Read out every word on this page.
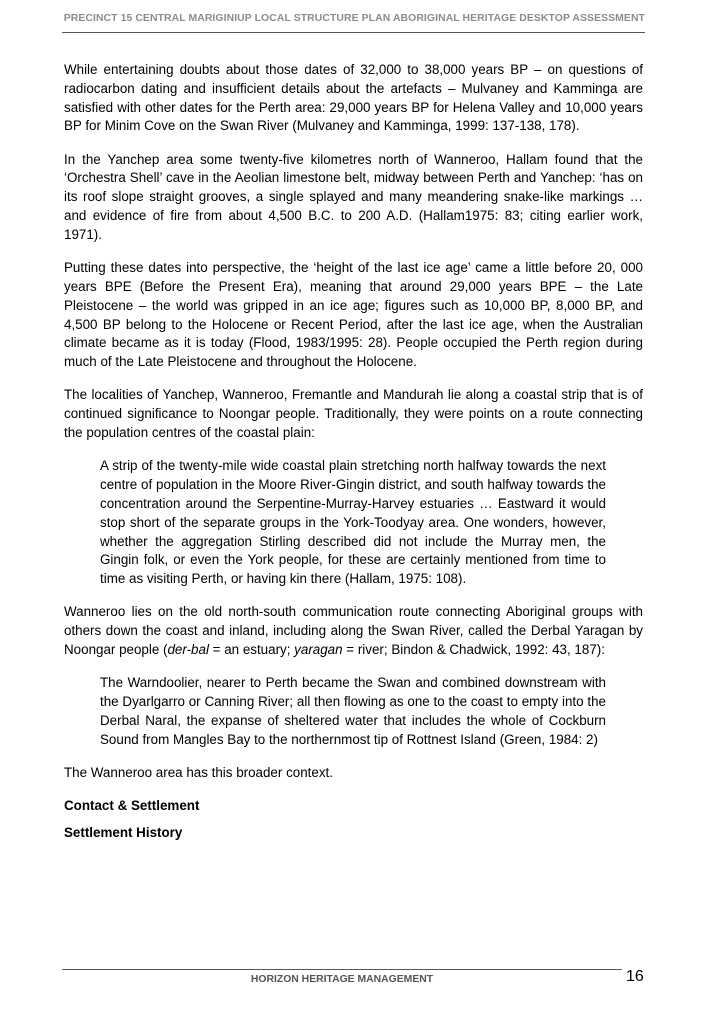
PRECINCT 15 CENTRAL MARIGINIUP LOCAL STRUCTURE PLAN ABORIGINAL HERITAGE DESKTOP ASSESSMENT

While entertaining doubts about those dates of 32,000 to 38,000 years BP – on questions of radiocarbon dating and insufficient details about the artefacts – Mulvaney and Kamminga are satisfied with other dates for the Perth area: 29,000 years BP for Helena Valley and 10,000 years BP for Minim Cove on the Swan River (Mulvaney and Kamminga, 1999: 137-138, 178).

In the Yanchep area some twenty-five kilometres north of Wanneroo, Hallam found that the ‘Orchestra Shell’ cave in the Aeolian limestone belt, midway between Perth and Yanchep: ‘has on its roof slope straight grooves, a single splayed and many meandering snake-like markings … and evidence of fire from about 4,500 B.C. to 200 A.D. (Hallam1975: 83; citing earlier work, 1971).

Putting these dates into perspective, the ‘height of the last ice age’ came a little before 20, 000 years BPE (Before the Present Era), meaning that around 29,000 years BPE – the Late Pleistocene – the world was gripped in an ice age; figures such as 10,000 BP, 8,000 BP, and 4,500 BP belong to the Holocene or Recent Period, after the last ice age, when the Australian climate became as it is today (Flood, 1983/1995: 28). People occupied the Perth region during much of the Late Pleistocene and throughout the Holocene.

The localities of Yanchep, Wanneroo, Fremantle and Mandurah lie along a coastal strip that is of continued significance to Noongar people. Traditionally, they were points on a route connecting the population centres of the coastal plain:

A strip of the twenty-mile wide coastal plain stretching north halfway towards the next centre of population in the Moore River-Gingin district, and south halfway towards the concentration around the Serpentine-Murray-Harvey estuaries … Eastward it would stop short of the separate groups in the York-Toodyay area. One wonders, however, whether the aggregation Stirling described did not include the Murray men, the Gingin folk, or even the York people, for these are certainly mentioned from time to time as visiting Perth, or having kin there (Hallam, 1975: 108).

Wanneroo lies on the old north-south communication route connecting Aboriginal groups with others down the coast and inland, including along the Swan River, called the Derbal Yaragan by Noongar people (der-bal = an estuary; yaragan = river; Bindon & Chadwick, 1992: 43, 187):

The Warndoolier, nearer to Perth became the Swan and combined downstream with the Dyarlgarro or Canning River; all then flowing as one to the coast to empty into the Derbal Naral, the expanse of sheltered water that includes the whole of Cockburn Sound from Mangles Bay to the northernmost tip of Rottnest Island (Green, 1984: 2)

The Wanneroo area has this broader context.

Contact & Settlement

Settlement History

HORIZON HERITAGE MANAGEMENT	16
